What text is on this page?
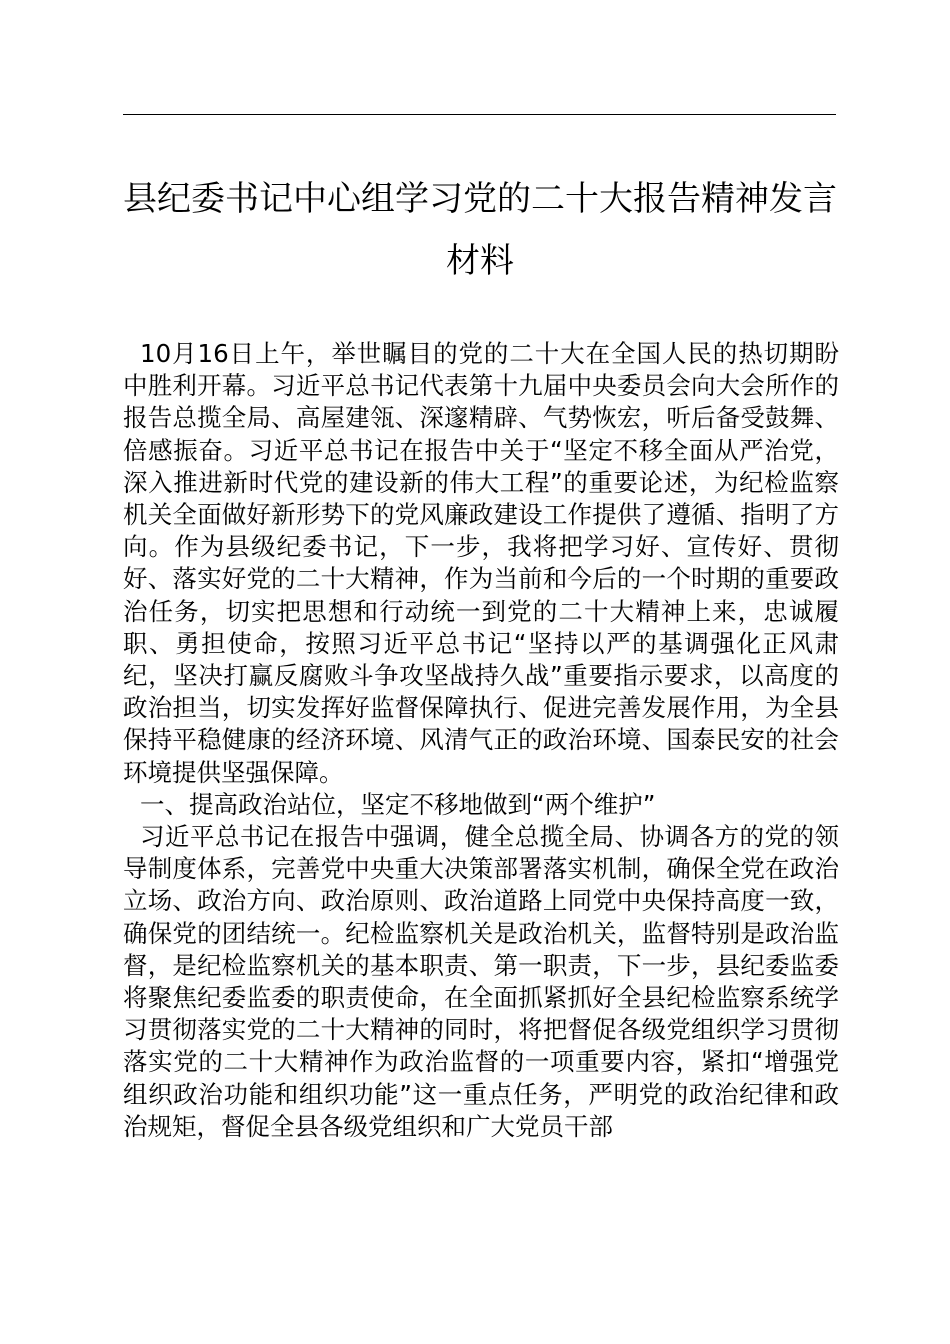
县纪委书记中心组学习党的二十大报告精神发言材料

10月16日上午，举世瞩目的党的二十大在全国人民的热切期盼中胜利开幕。习近平总书记代表第十九届中央委员会向大会所作的报告总揽全局、高屋建瓴、深邃精辟、气势恢宏，听后备受鼓舞、倍感振奋。习近平总书记在报告中关于“坚定不移全面从严治党，深入推进新时代党的建设新的伟大工程”的重要论述，为纪检监察机关全面做好新形势下的党风廉政建设工作提供了遵循、指明了方向。作为县级纪委书记，下一步，我将把学习好、宣传好、贯彻好、落实好党的二十大精神，作为当前和今后的一个时期的重要政治任务，切实把思想和行动统一到党的二十大精神上来，忠诚履职、勇担使命，按照习近平总书记“坚持以严的基调强化正风肃纪，坚决打赢反腐败斗争攻坚战持久战”重要指示要求，以高度的政治担当，切实发挥好监督保障执行、促进完善发展作用，为全县保持平稳健康的经济环境、风清气正的政治环境、国泰民安的社会环境提供坚强保障。

一、提高政治站位，坚定不移地做到“两个维护”

习近平总书记在报告中强调，健全总揽全局、协调各方的党的领导制度体系，完善党中央重大决策部署落实机制，确保全党在政治立场、政治方向、政治原则、政治道路上同党中央保持高度一致，确保党的团结统一。纪检监察机关是政治机关，监督特别是政治监督，是纪检监察机关的基本职责、第一职责，下一步，县纪委监委将聚焦纪委监委的职责使命，在全面抓紧抓好全县纪检监察系统学习贯彻落实党的二十大精神的同时，将把督促各级党组织学习贯彻落实党的二十大精神作为政治监督的一项重要内容，紧扣“增强党组织政治功能和组织功能”这一重点任务，严明党的政治纪律和政治规矩，督促全县各级党组织和广大党员干部
